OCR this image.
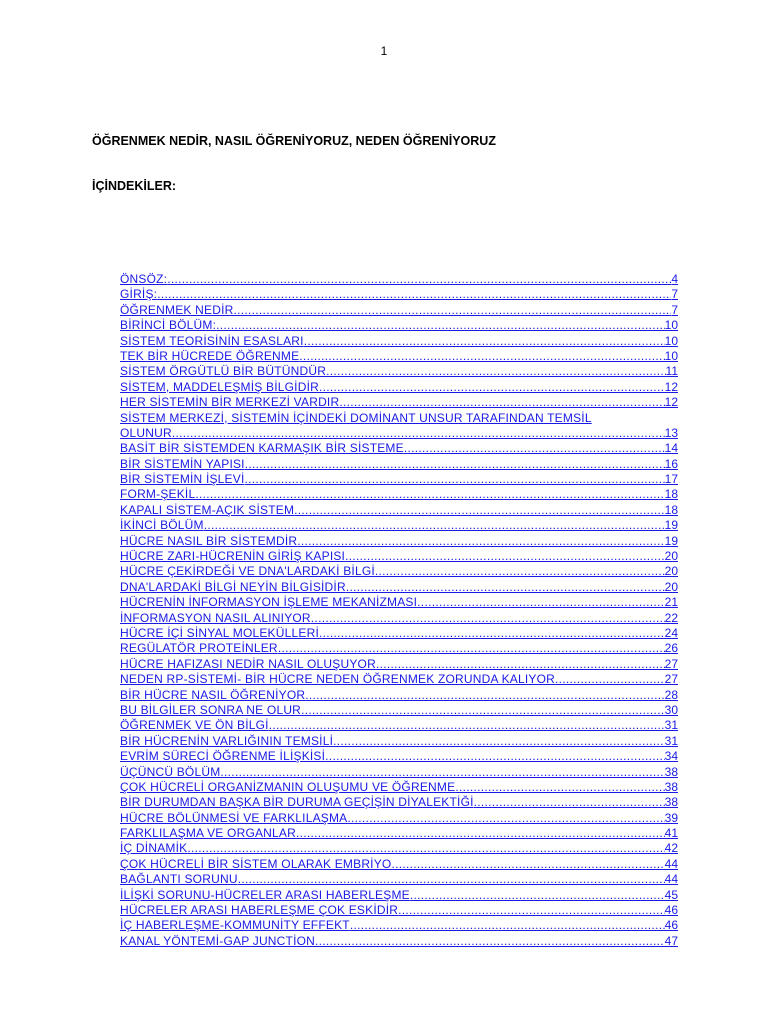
1
ÖĞRENMEK NEDİR, NASIL ÖĞRENİYORUZ, NEDEN ÖĞRENİYORUZ
İÇİNDEKİLER:
ÖNSÖZ: .....	4
GİRİŞ: .....	7
ÖĞRENMEK NEDİR .....	7
BİRİNCİ BÖLÜM: .....	10
SİSTEM TEORİSİNİN ESASLARI .....	10
TEK BİR HÜCREDE ÖĞRENME .....	10
SİSTEM ÖRGÜTLÜ BİR BÜTÜNDÜR .....	11
SİSTEM, MADDELEŞMİŞ BİLGİDİR .....	12
HER SİSTEMİN BİR MERKEZİ VARDIR .....	12
SİSTEM MERKEZİ, SİSTEMİN İÇİNDEKİ DOMİNANT UNSUR TARAFINDAN TEMSİL
OLUNUR .....	13
BASİT BİR SİSTEMDEN KARMAŞIK BİR SİSTEME .....	14
BİR SİSTEMİN YAPISI .....	16
BİR SİSTEMİN İŞLEVİ .....	17
FORM-ŞEKİL .....	18
KAPALI SİSTEM-AÇIK SİSTEM .....	18
İKİNCİ BÖLÜM .....	19
HÜCRE NASIL BİR SİSTEMDİR .....	19
HÜCRE ZARI-HÜCRENİN GİRİŞ KAPISI .....	20
HÜCRE ÇEKİRDEĞİ VE DNA'LARDAKİ BİLGİ .....	20
DNA'LARDAKİ BİLGİ NEYİN BİLGİSİDİR .....	20
HÜCRENİN İNFORMASYON İŞLEME MEKANİZMASI .....	21
İNFORMASYON NASIL ALINIYOR .....	22
HÜCRE İÇİ SİNYAL MOLEKÜLLERİ .....	24
REGÜLATÖR PROTEİNLER .....	26
HÜCRE HAFIZASI NEDİR NASIL OLUŞUYOR .....	27
NEDEN RP-SİSTEMİ- BİR HÜCRE NEDEN ÖĞRENMEK ZORUNDA KALIYOR .....	27
BİR HÜCRE NASIL ÖĞRENİYOR .....	28
BU BİLGİLER SONRA NE OLUR .....	30
ÖĞRENMEK VE ÖN BİLGİ .....	31
BİR HÜCRENİN VARLIĞININ TEMSİLİ .....	31
EVRİM SÜRECİ ÖĞRENME İLİŞKİSİ .....	34
ÜÇÜNCÜ BÖLÜM .....	38
ÇOK HÜCRELİ ORGANİZMANIN OLUŞUMU VE ÖĞRENME .....	38
BİR DURUMDAN BAŞKA BİR DURUMA GEÇİŞİN DİYALEKTİĞİ .....	38
HÜCRE BÖLÜNMESİ VE FARKLILAŞMA .....	39
FARKLILAŞMA VE ORGANLAR .....	41
İÇ DİNAMİK .....	42
ÇOK HÜCRELİ BİR SİSTEM OLARAK EMBRİYO .....	44
BAĞLANTI SORUNU .....	44
İLİŞKİ SORUNU-HÜCRELER ARASI HABERLEŞME .....	45
HÜCRELER ARASI HABERLEŞME ÇOK ESKİDİR .....	46
İÇ HABERLEŞME-KOMMUNİTY EFFEKT .....	46
KANAL YÖNTEMİ-GAP JUNCTİON .....	47
